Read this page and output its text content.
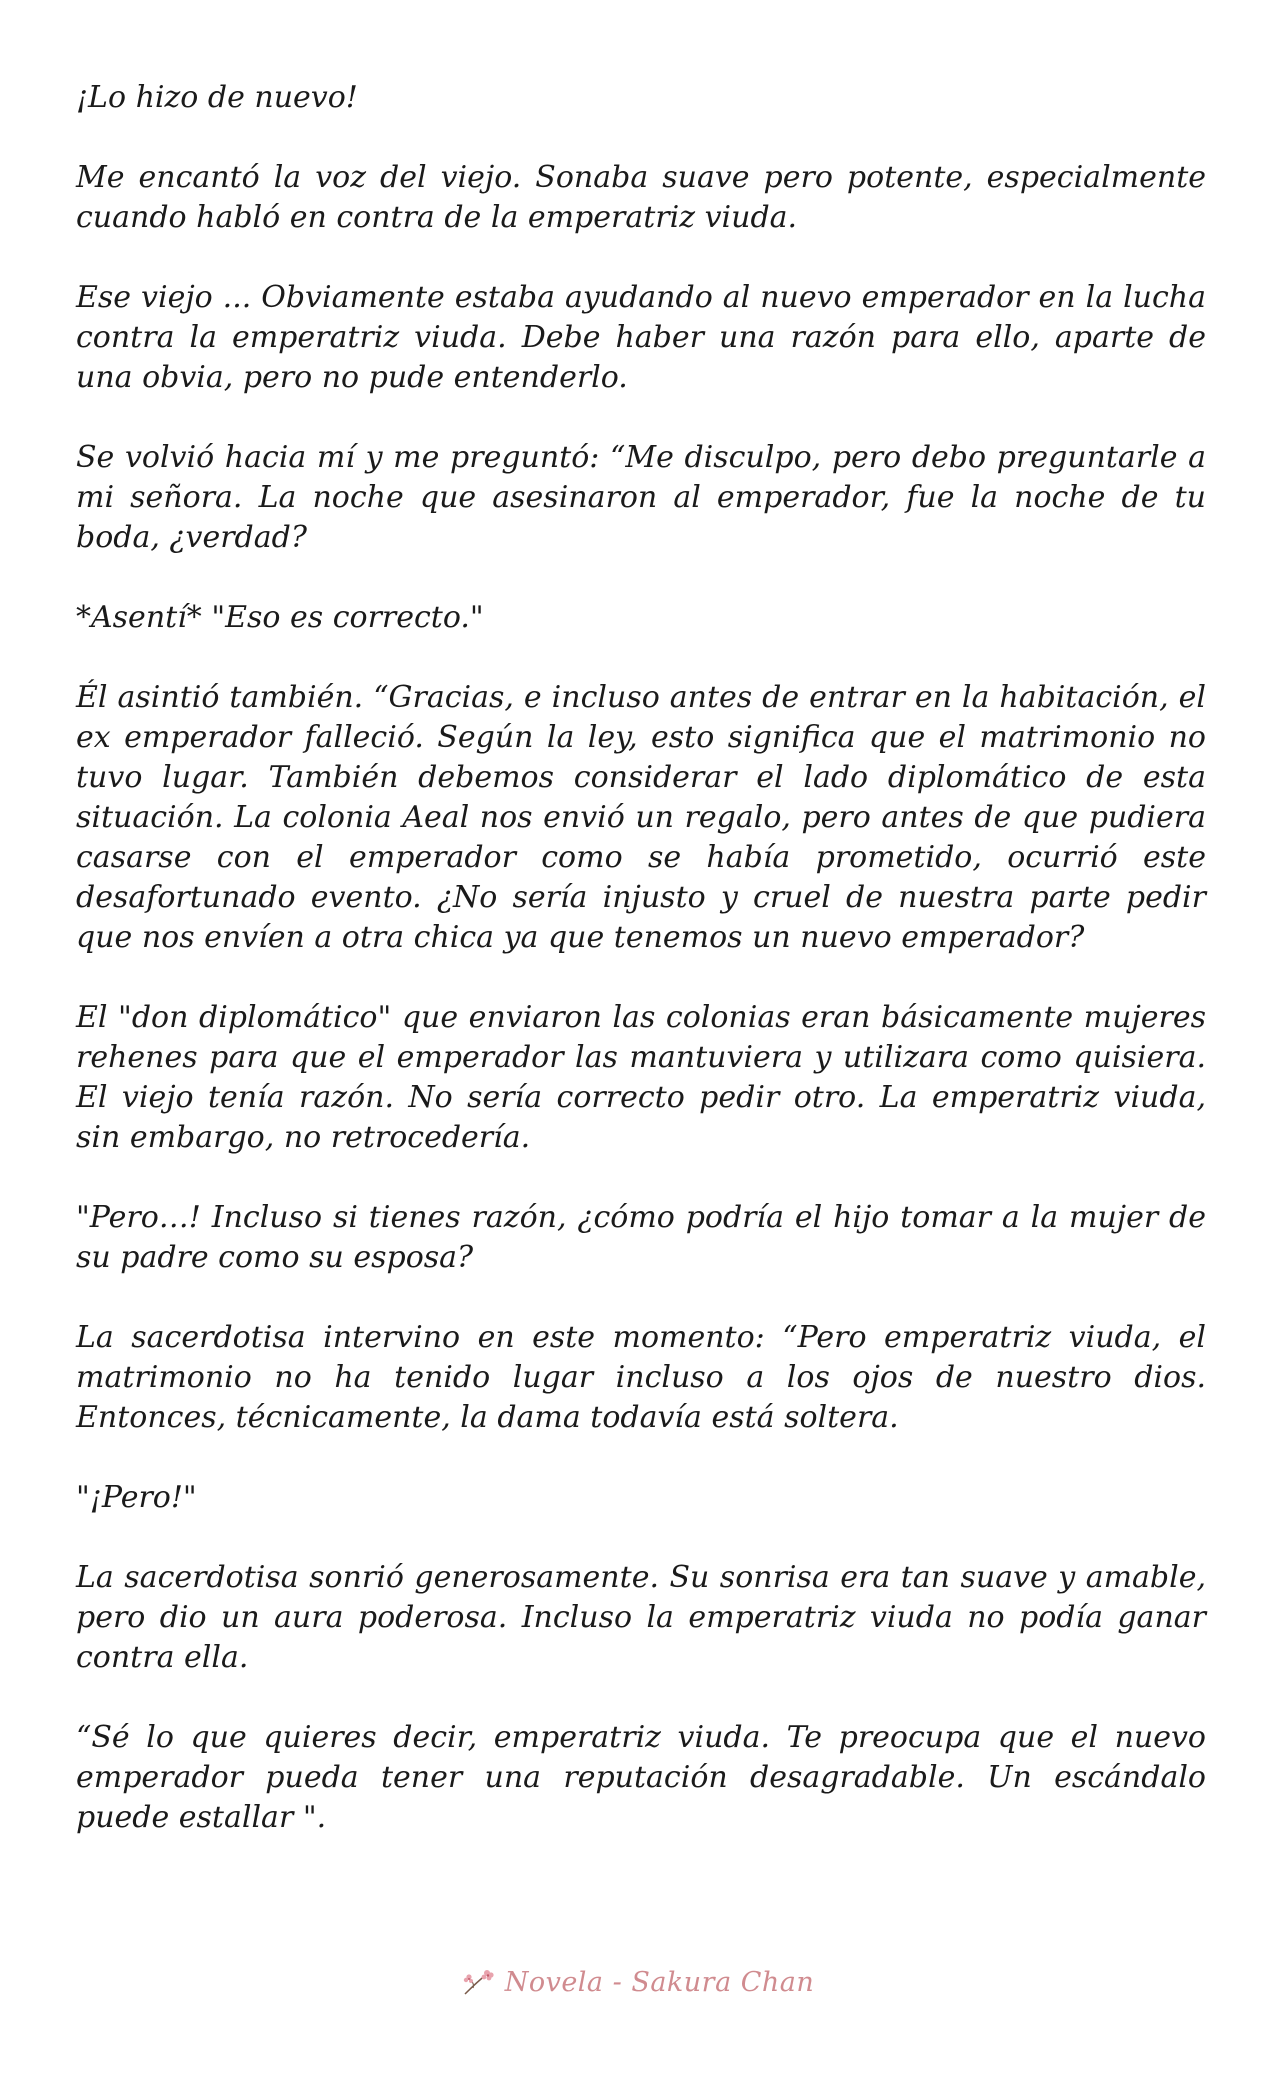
¡Lo hizo de nuevo!

Me encantó la voz del viejo. Sonaba suave pero potente, especialmente cuando habló en contra de la emperatriz viuda.

Ese viejo ... Obviamente estaba ayudando al nuevo emperador en la lucha contra la emperatriz viuda. Debe haber una razón para ello, aparte de una obvia, pero no pude entenderlo.

Se volvió hacia mí y me preguntó: “Me disculpo, pero debo preguntarle a mi señora. La noche que asesinaron al emperador, fue la noche de tu boda, ¿verdad?

*Asentí* "Eso es correcto."

Él asintió también. “Gracias, e incluso antes de entrar en la habitación, el ex emperador falleció. Según la ley, esto significa que el matrimonio no tuvo lugar. También debemos considerar el lado diplomático de esta situación. La colonia Aeal nos envió un regalo, pero antes de que pudiera casarse con el emperador como se había prometido, ocurrió este desafortunado evento. ¿No sería injusto y cruel de nuestra parte pedir que nos envíen a otra chica ya que tenemos un nuevo emperador?

El "don diplomático" que enviaron las colonias eran básicamente mujeres rehenes para que el emperador las mantuviera y utilizara como quisiera. El viejo tenía razón. No sería correcto pedir otro. La emperatriz viuda, sin embargo, no retrocedería.

"Pero…! Incluso si tienes razón, ¿cómo podría el hijo tomar a la mujer de su padre como su esposa?

La sacerdotisa intervino en este momento: “Pero emperatriz viuda, el matrimonio no ha tenido lugar incluso a los ojos de nuestro dios. Entonces, técnicamente, la dama todavía está soltera.

"¡Pero!"

La sacerdotisa sonrió generosamente. Su sonrisa era tan suave y amable, pero dio un aura poderosa. Incluso la emperatriz viuda no podía ganar contra ella.

“Sé lo que quieres decir, emperatriz viuda. Te preocupa que el nuevo emperador pueda tener una reputación desagradable. Un escándalo puede estallar ".

Novela - Sakura Chan
